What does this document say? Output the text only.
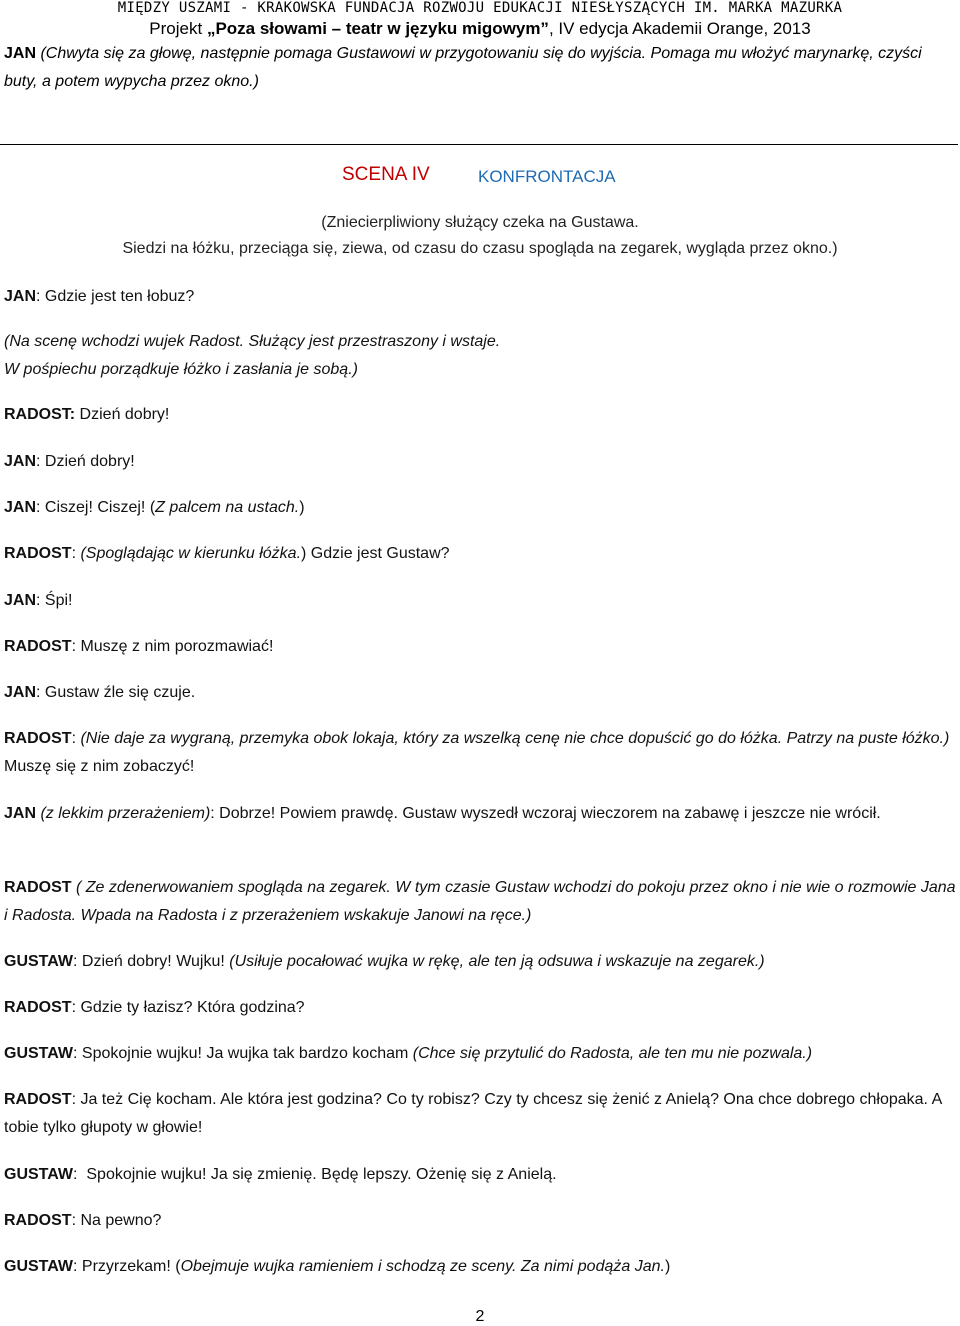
MIĘDZY USZAMI - KRAKOWSKA FUNDACJA ROZWOJU EDUKACJI NIESŁYSZĄCYCH IM. MARKA MAZURKA
Projekt „Poza słowami – teatr w języku migowym”, IV edycja Akademii Orange, 2013
JAN (Chwyta się za głowę, następnie pomaga Gustawowi w przygotowaniu się do wyjścia. Pomaga mu włożyć marynarkę, czyści buty, a potem wypycha przez okno.)
SCENA IV	KONFRONTACJA
(Zniecierpliwiony służący czeka na Gustawa.
Siedzi na łóżku, przeciąga się, ziewa, od czasu do czasu spogląda na zegarek, wygląda przez okno.)
JAN: Gdzie jest ten łobuz?
(Na scenę wchodzi wujek Radost. Służący jest przestraszony i wstaje.
W pośpiechu porządkuje łóżko i zasłania je sobą.)
RADOST: Dzień dobry!
JAN: Dzień dobry!
JAN: Ciszej! Ciszej! (Z palcem na ustach.)
RADOST: (Spoglądając w kierunku łóżka.) Gdzie jest Gustaw?
JAN: Śpi!
RADOST: Muszę z nim porozmawiać!
JAN: Gustaw źle się czuje.
RADOST: (Nie daje za wygraną, przemyka obok lokaja, który za wszelką cenę nie chce dopuścić go do łóżka. Patrzy na puste łóżko.) Muszę się z nim zobaczyć!
JAN (z lekkim przerażeniem): Dobrze! Powiem prawdę. Gustaw wyszedł wczoraj wieczorem na zabawę i jeszcze nie wrócił.
RADOST ( Ze zdenerwowaniem spogląda na zegarek. W tym czasie Gustaw wchodzi do pokoju przez okno i nie wie o rozmowie Jana i Radosta. Wpada na Radosta i z przerażeniem wskakuje Janowi na ręce.)
GUSTAW: Dzień dobry! Wujku! (Usiłuje pocałować wujka w rękę, ale ten ją odsuwa i wskazuje na zegarek.)
RADOST: Gdzie ty łazisz? Która godzina?
GUSTAW: Spokojnie wujku! Ja wujka tak bardzo kocham (Chce się przytulić do Radosta, ale ten mu nie pozwala.)
RADOST: Ja też Cię kocham. Ale która jest godzina? Co ty robisz? Czy ty chcesz się żenić z Anielą? Ona chce dobrego chłopaka. A tobie tylko głupoty w głowie!
GUSTAW:  Spokojnie wujku! Ja się zmienię. Będę lepszy. Ożenię się z Anielą.
RADOST: Na pewno?
GUSTAW: Przyrzekam! (Obejmuje wujka ramieniem i schodzą ze sceny. Za nimi podąża Jan.)
2
